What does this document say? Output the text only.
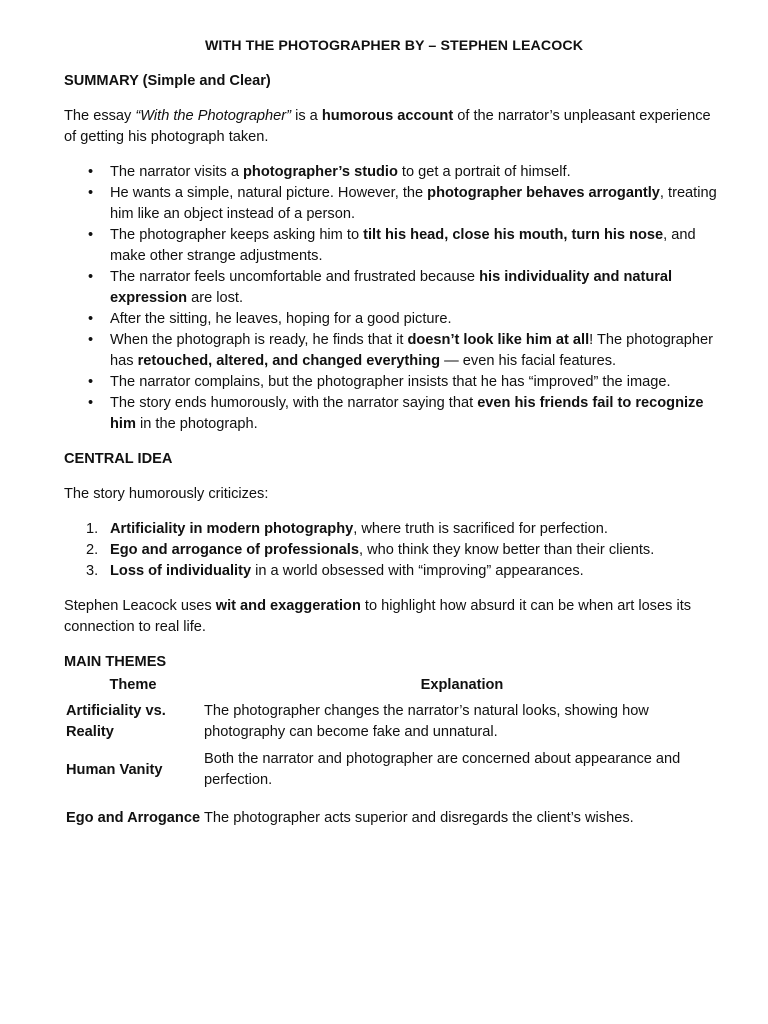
WITH THE PHOTOGRAPHER BY – STEPHEN LEACOCK
SUMMARY (Simple and Clear)

The essay “With the Photographer” is a humorous account of the narrator’s unpleasant experience of getting his photograph taken.

• The narrator visits a photographer’s studio to get a portrait of himself.
• He wants a simple, natural picture. However, the photographer behaves arrogantly, treating him like an object instead of a person.
• The photographer keeps asking him to tilt his head, close his mouth, turn his nose, and make other strange adjustments.
• The narrator feels uncomfortable and frustrated because his individuality and natural expression are lost.
• After the sitting, he leaves, hoping for a good picture.
• When the photograph is ready, he finds that it doesn’t look like him at all! The photographer has retouched, altered, and changed everything — even his facial features.
• The narrator complains, but the photographer insists that he has “improved” the image.
• The story ends humorously, with the narrator saying that even his friends fail to recognize him in the photograph.
CENTRAL IDEA

The story humorously criticizes:

1. Artificiality in modern photography, where truth is sacrificed for perfection.
2. Ego and arrogance of professionals, who think they know better than their clients.
3. Loss of individuality in a world obsessed with “improving” appearances.

Stephen Leacock uses wit and exaggeration to highlight how absurd it can be when art loses its connection to real life.

MAIN THEMES
Theme	Explanation
Artificiality vs. Reality	The photographer changes the narrator’s natural looks, showing how photography can become fake and unnatural.
Human Vanity	Both the narrator and photographer are concerned about appearance and perfection.
Ego and Arrogance	The photographer acts superior and disregards the client’s wishes.
